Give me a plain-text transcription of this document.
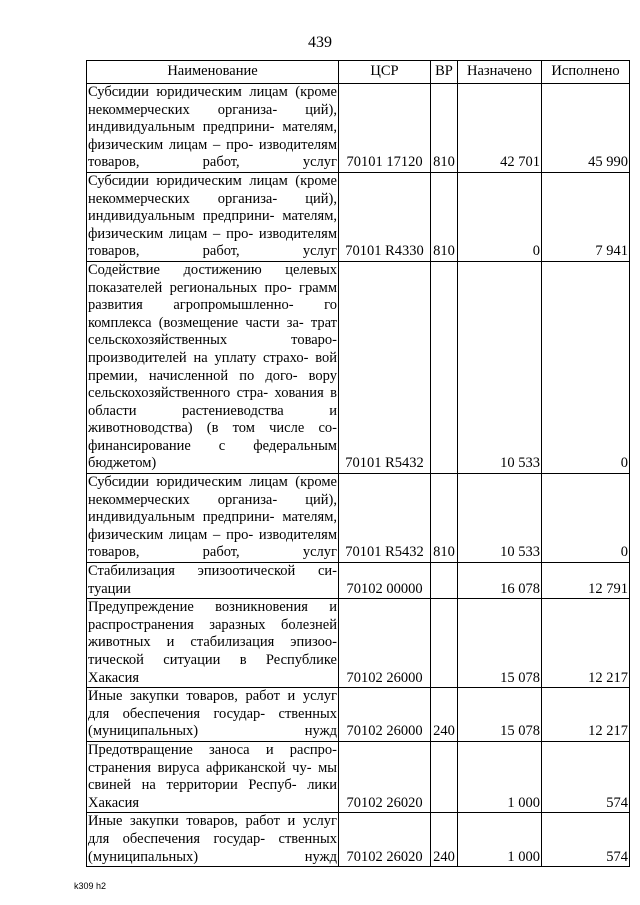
439
Наименование	ЦСР	ВР	Назначено	Исполнено
Субсидии юридическим лицам (кроме некоммерческих организа- ций), индивидуальным предприни- мателям, физическим лицам – про- изводителям товаров, работ, услуг	70101 17120	810	42 701	45 990
Субсидии юридическим лицам (кроме некоммерческих организа- ций), индивидуальным предприни- мателям, физическим лицам – про- изводителям товаров, работ, услуг	70101 R4330	810	0	7 941
Содействие достижению целевых показателей региональных про- грамм развития агропромышленно- го комплекса (возмещение части за- трат сельскохозяйственных товаро- производителей на уплату страхо- вой премии, начисленной по дого- вору сельскохозяйственного стра- хования в области растениеводства и животноводства) (в том числе со- финансирование с федеральным бюджетом)	70101 R5432		10 533	0
Субсидии юридическим лицам (кроме некоммерческих организа- ций), индивидуальным предприни- мателям, физическим лицам – про- изводителям товаров, работ, услуг	70101 R5432	810	10 533	0
Стабилизация эпизоотической си- туации	70102 00000		16 078	12 791
Предупреждение возникновения и распространения заразных болезней животных и стабилизация эпизоо- тической ситуации в Республике Хакасия	70102 26000		15 078	12 217
Иные закупки товаров, работ и услуг для обеспечения государ- ственных (муниципальных) нужд	70102 26000	240	15 078	12 217
Предотвращение заноса и распро- странения вируса африканской чу- мы свиней на территории Респуб- лики Хакасия	70102 26020		1 000	574
Иные закупки товаров, работ и услуг для обеспечения государ- ственных (муниципальных) нужд	70102 26020	240	1 000	574
k309 h2
